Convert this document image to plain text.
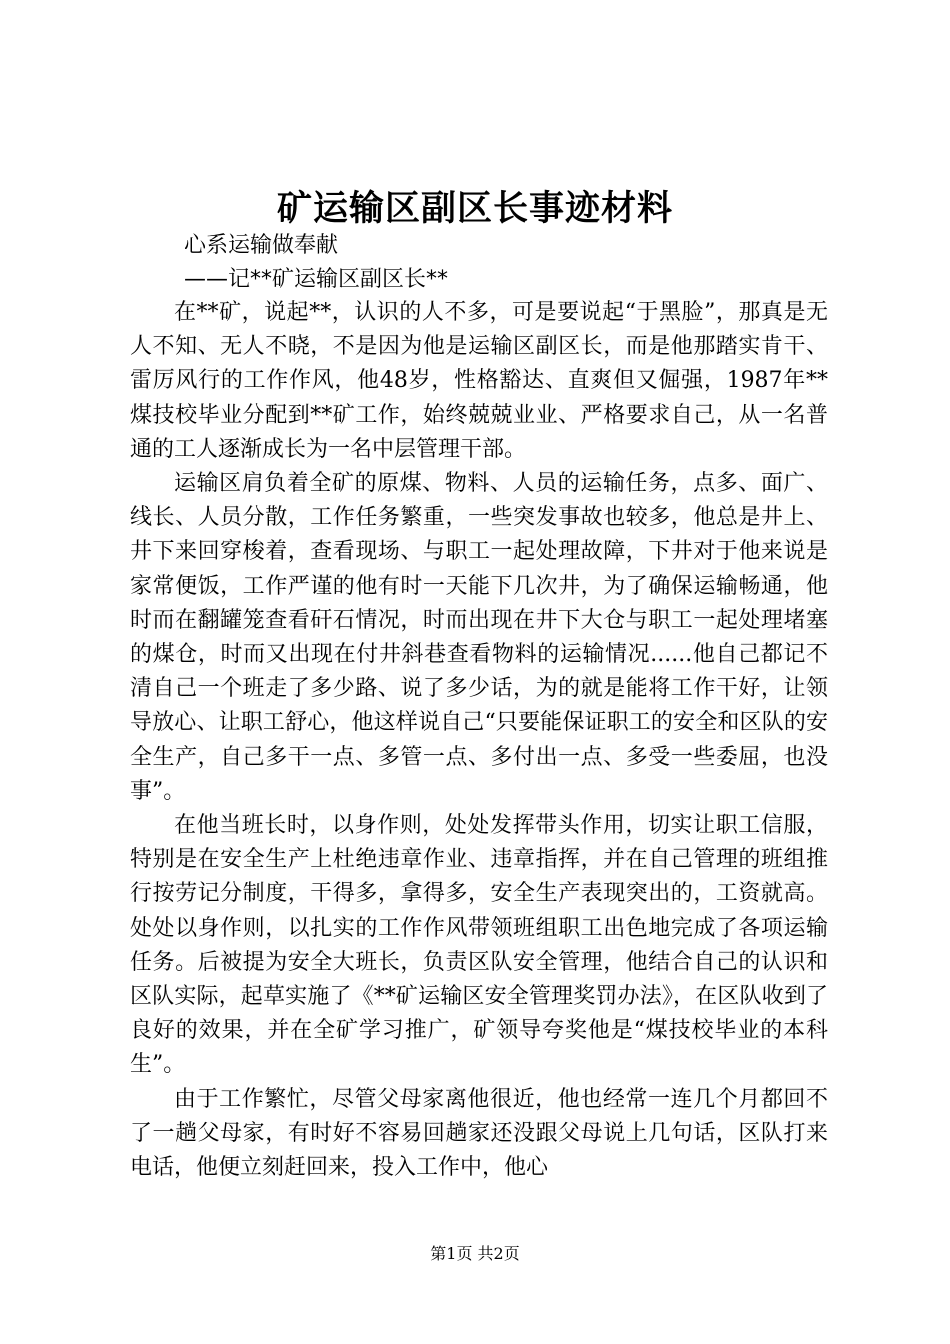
矿运输区副区长事迹材料
心系运输做奉献
——记**矿运输区副区长**

在**矿，说起**，认识的人不多，可是要说起“于黑脸”，那真是无人不知、无人不晓，不是因为他是运输区副区长，而是他那踏实肯干、雷厉风行的工作作风，他48岁，性格豁达、直爽但又倔强，1987年**煤技校毕业分配到**矿工作，始终兢兢业业、严格要求自己，从一名普通的工人逐渐成长为一名中层管理干部。

运输区肩负着全矿的原煤、物料、人员的运输任务，点多、面广、线长、人员分散，工作任务繁重，一些突发事故也较多，他总是井上、井下来回穿梭着，查看现场、与职工一起处理故障，下井对于他来说是家常便饭，工作严谨的他有时一天能下几次井，为了确保运输畅通，他时而在翻罐笼查看矸石情况，时而出现在井下大仓与职工一起处理堵塞的煤仓，时而又出现在付井斜巷查看物料的运输情况......他自己都记不清自己一个班走了多少路、说了多少话，为的就是能将工作干好，让领导放心、让职工舒心，他这样说自己“只要能保证职工的安全和区队的安全生产，自己多干一点、多管一点、多付出一点、多受一些委屈，也没事”。

在他当班长时，以身作则，处处发挥带头作用，切实让职工信服，特别是在安全生产上杜绝违章作业、违章指挥，并在自己管理的班组推行按劳记分制度，干得多，拿得多，安全生产表现突出的，工资就高。处处以身作则，以扎实的工作作风带领班组职工出色地完成了各项运输任务。后被提为安全大班长，负责区队安全管理，他结合自己的认识和区队实际，起草实施了《**矿运输区安全管理奖罚办法》，在区队收到了良好的效果，并在全矿学习推广，矿领导夸奖他是“煤技校毕业的本科生”。

由于工作繁忙，尽管父母家离他很近，他也经常一连几个月都回不了一趟父母家，有时好不容易回趟家还没跟父母说上几句话，区队打来电话，他便立刻赶回来，投入工作中，他心

第1页 共2页
